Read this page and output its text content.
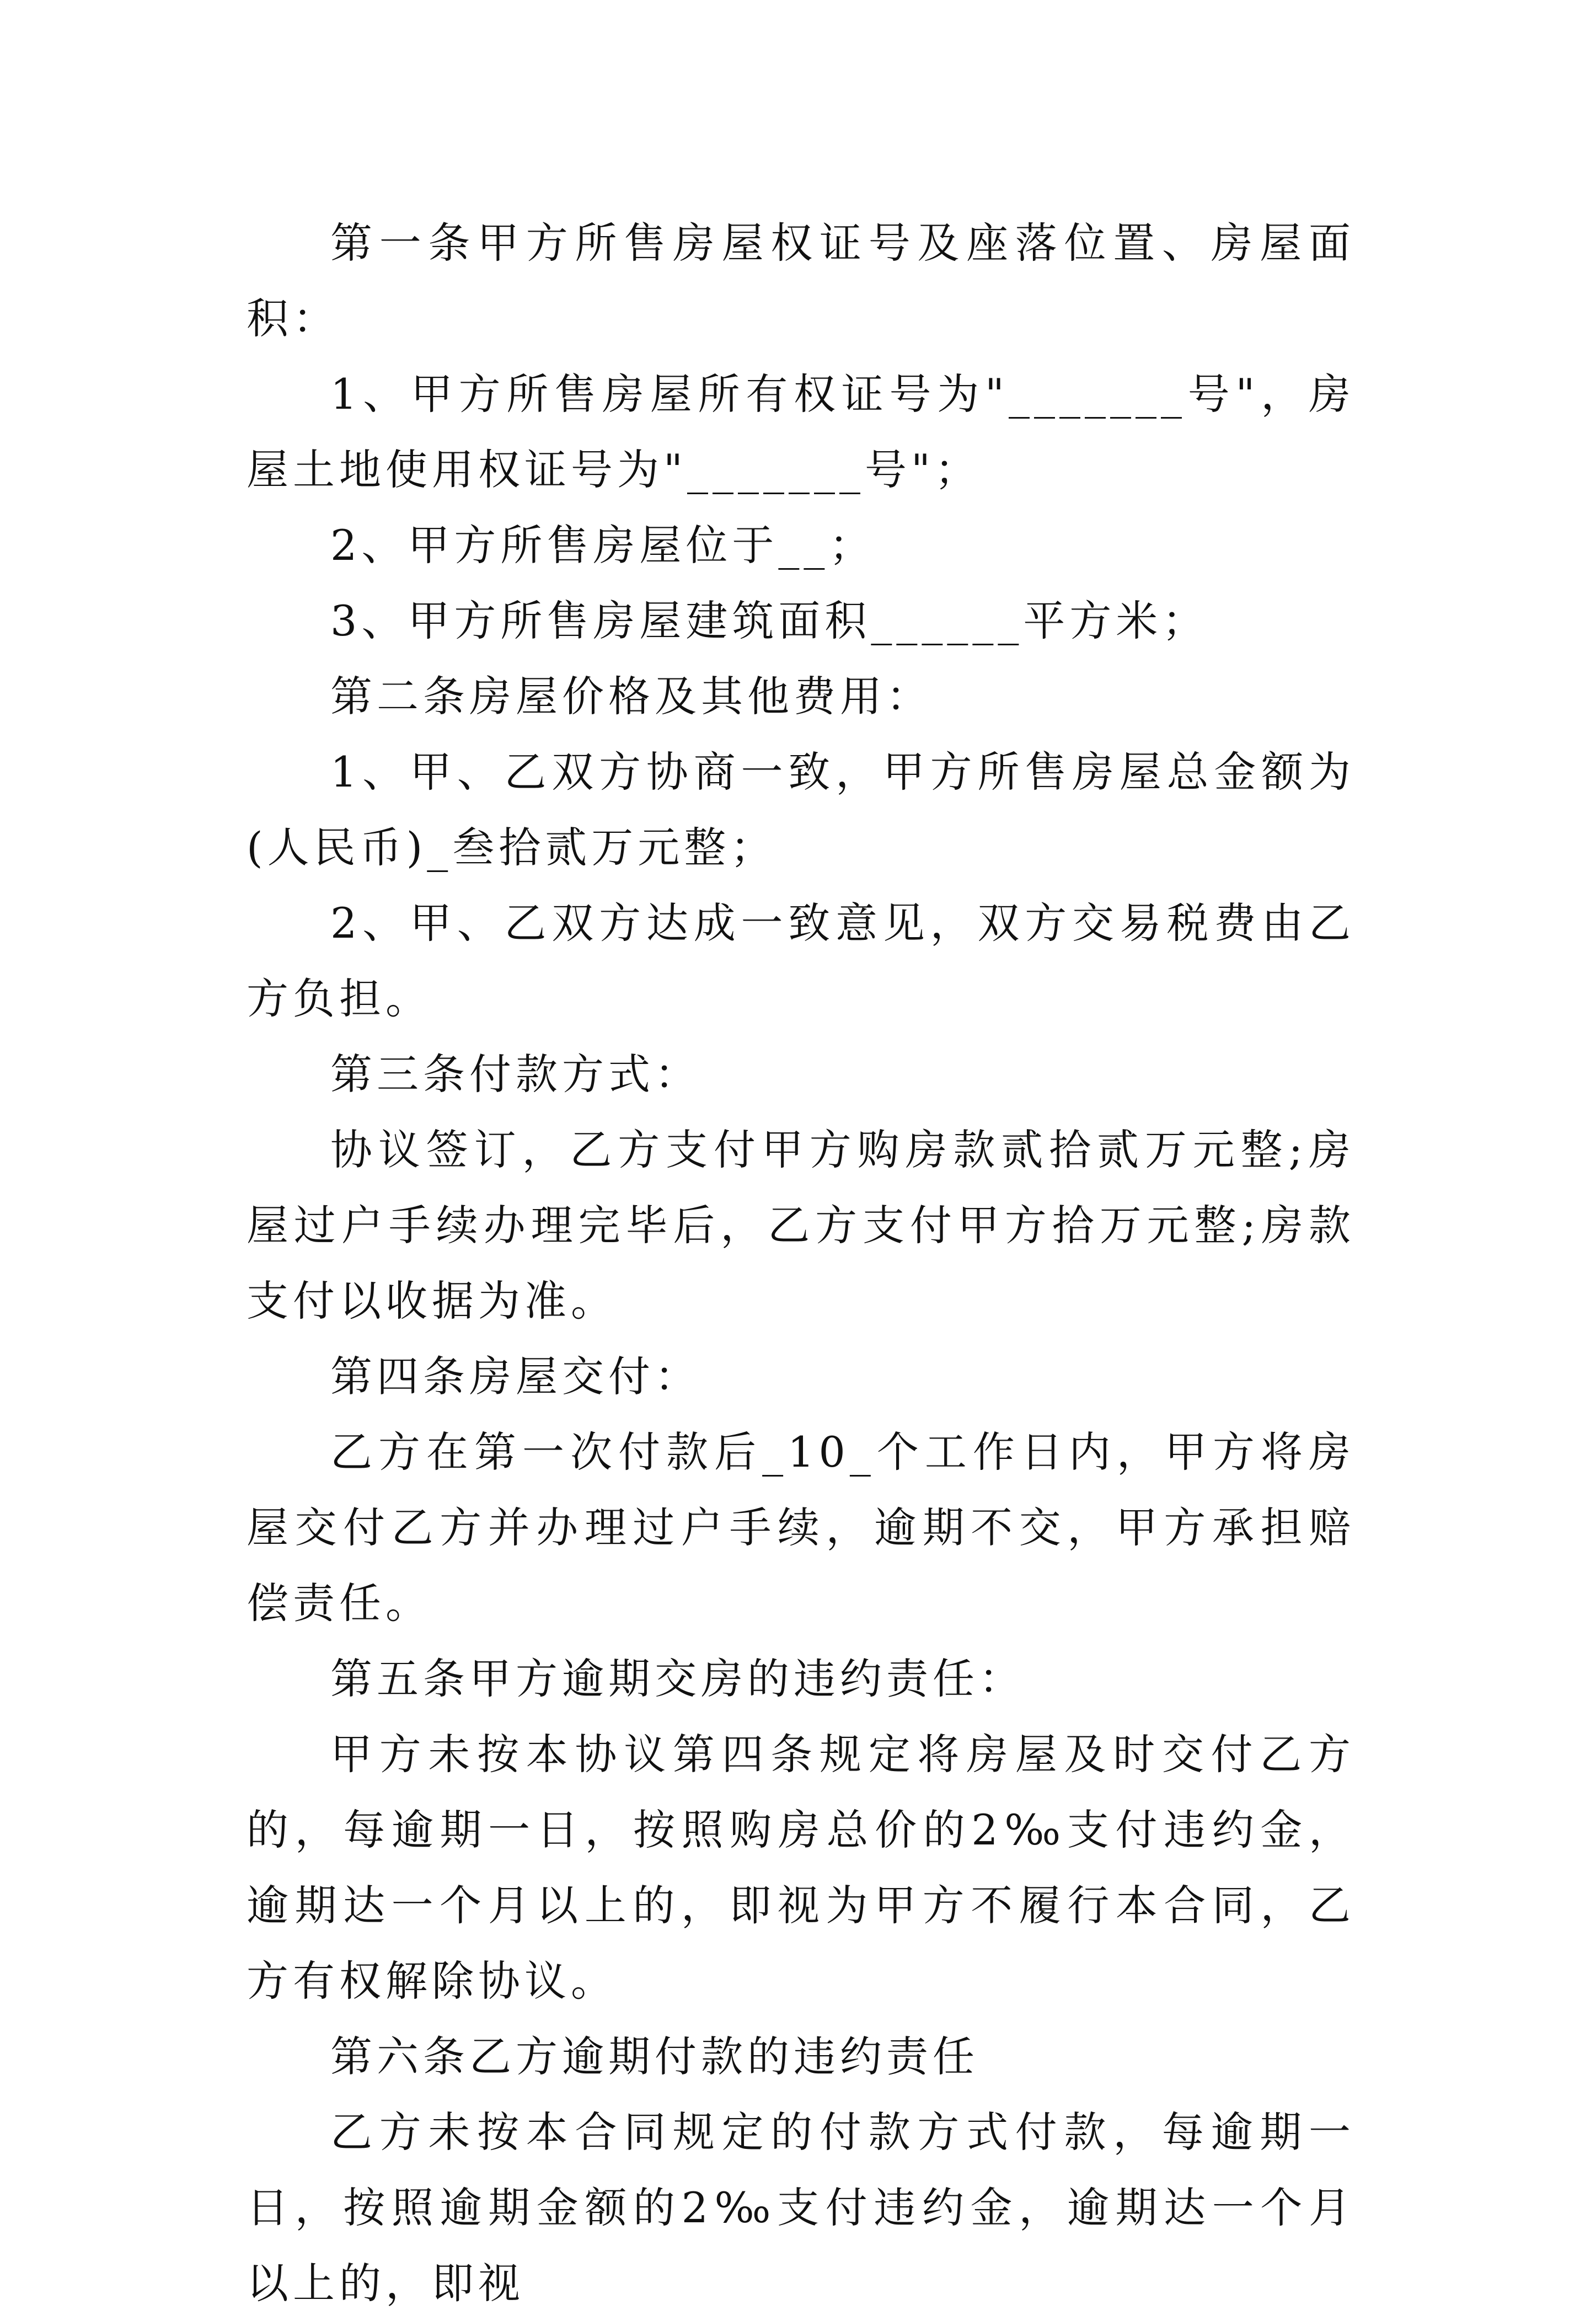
第一条甲方所售房屋权证号及座落位置、房屋面积：

1、甲方所售房屋所有权证号为"_______号"，房屋土地使用权证号为"_______号"；

2、甲方所售房屋位于__；

3、甲方所售房屋建筑面积______平方米；

第二条房屋价格及其他费用：

1、甲、乙双方协商一致，甲方所售房屋总金额为(人民币)_叁拾贰万元整；

2、甲、乙双方达成一致意见，双方交易税费由乙方负担。

第三条付款方式：

协议签订，乙方支付甲方购房款贰拾贰万元整;房屋过户手续办理完毕后，乙方支付甲方拾万元整;房款支付以收据为准。

第四条房屋交付：

乙方在第一次付款后_10_个工作日内，甲方将房屋交付乙方并办理过户手续，逾期不交，甲方承担赔偿责任。

第五条甲方逾期交房的违约责任：

甲方未按本协议第四条规定将房屋及时交付乙方的，每逾期一日，按照购房总价的2‰支付违约金，逾期达一个月以上的，即视为甲方不履行本合同，乙方有权解除协议。

第六条乙方逾期付款的违约责任

乙方未按本合同规定的付款方式付款，每逾期一日，按照逾期金额的2‰支付违约金，逾期达一个月以上的，即视
